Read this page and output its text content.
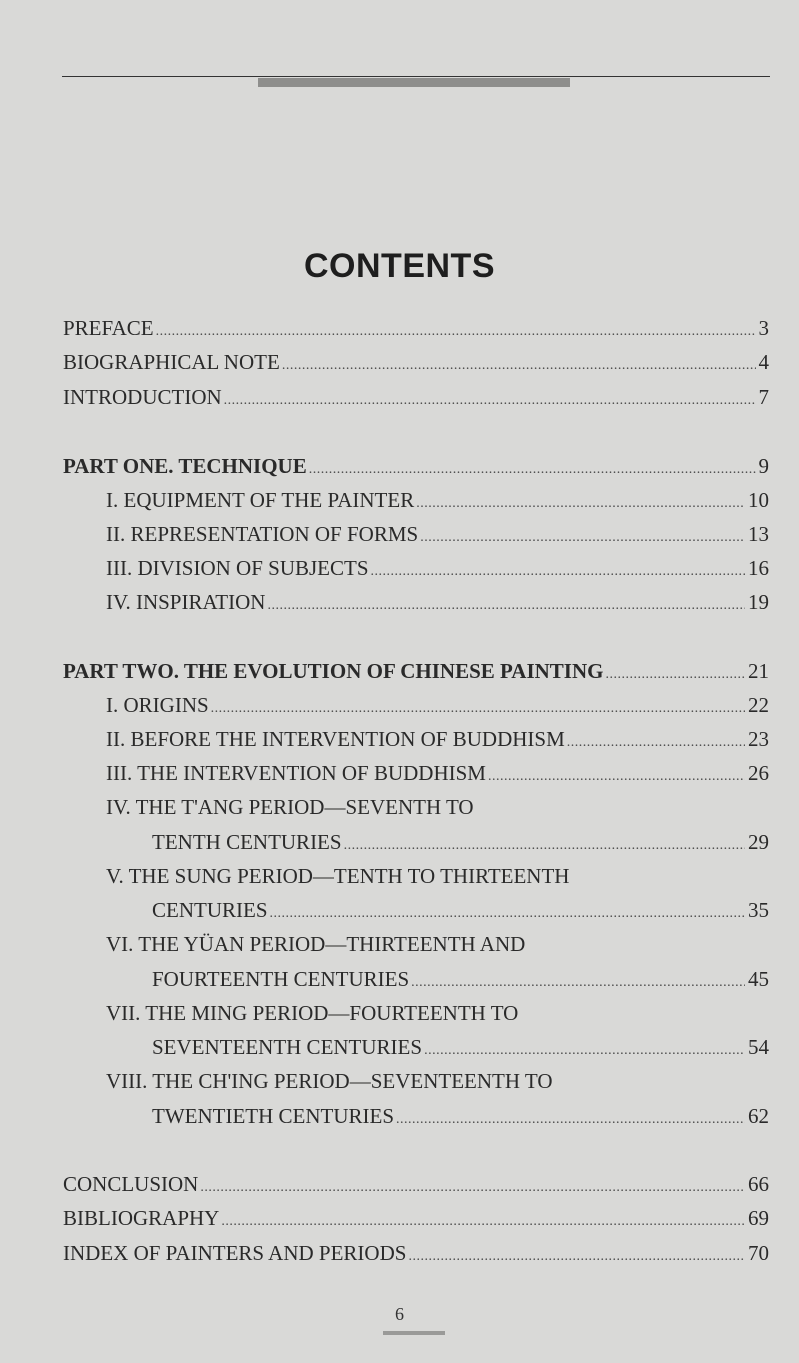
CONTENTS
PREFACE .....	3
BIOGRAPHICAL NOTE .....	4
INTRODUCTION .....	7
PART ONE. TECHNIQUE .....	9
I. EQUIPMENT OF THE PAINTER .....	10
II. REPRESENTATION OF FORMS .....	13
III. DIVISION OF SUBJECTS .....	16
IV. INSPIRATION .....	19
PART TWO. THE EVOLUTION OF CHINESE PAINTING .....	21
I. ORIGINS .....	22
II. BEFORE THE INTERVENTION OF BUDDHISM .....	23
III. THE INTERVENTION OF BUDDHISM .....	26
IV. THE T'ANG PERIOD—SEVENTH TO
TENTH CENTURIES .....	29
V. THE SUNG PERIOD—TENTH TO THIRTEENTH
CENTURIES .....	35
VI. THE YÜAN PERIOD—THIRTEENTH AND
FOURTEENTH CENTURIES .....	45
VII. THE MING PERIOD—FOURTEENTH TO
SEVENTEENTH CENTURIES .....	54
VIII. THE CH'ING PERIOD—SEVENTEENTH TO
TWENTIETH CENTURIES .....	62
CONCLUSION .....	66
BIBLIOGRAPHY .....	69
INDEX OF PAINTERS AND PERIODS .....	70
6
